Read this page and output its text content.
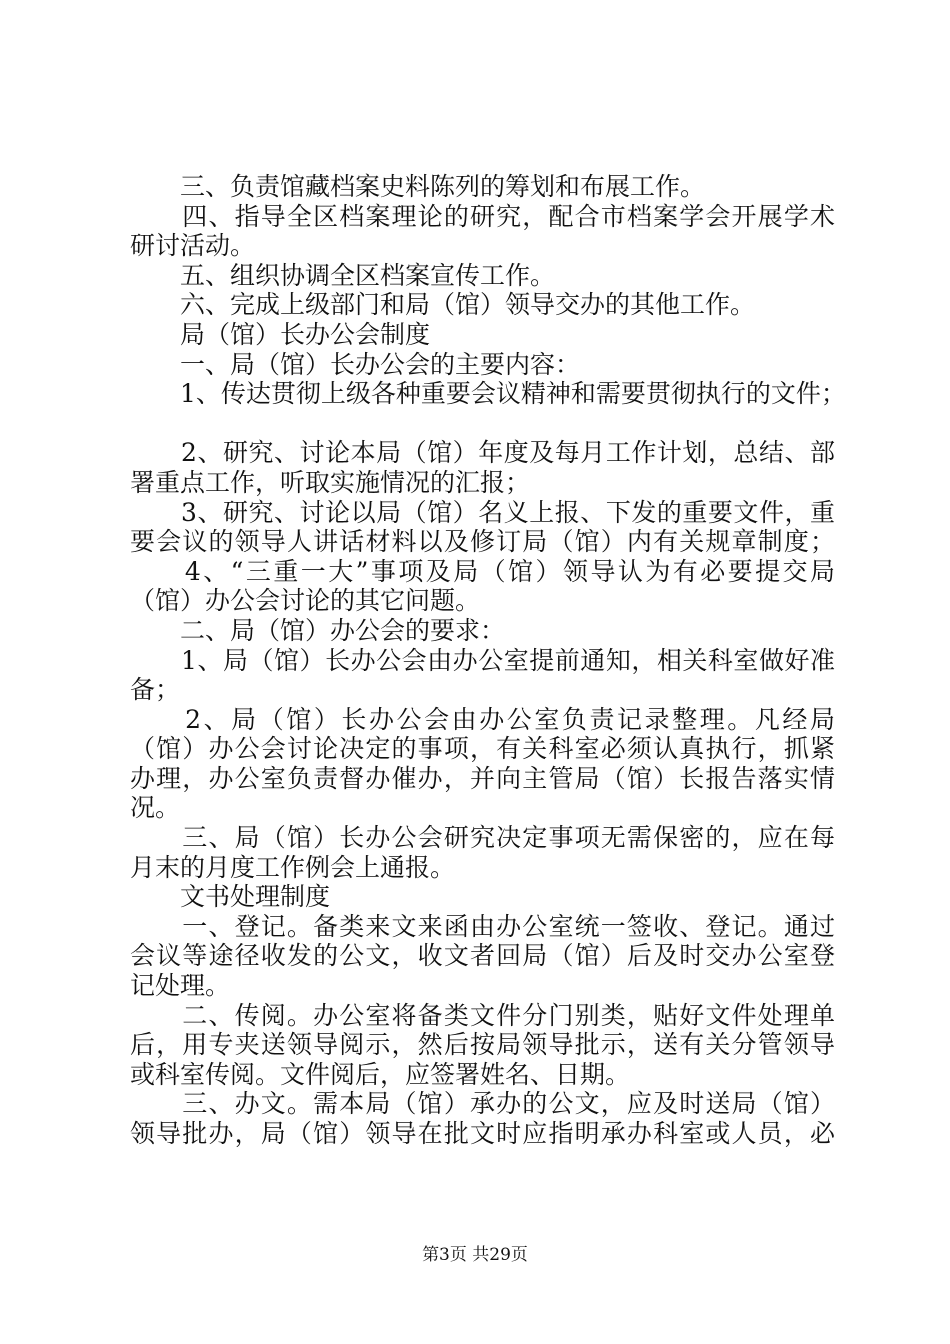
　　三、负责馆藏档案史料陈列的筹划和布展工作。
　　四、指导全区档案理论的研究，配合市档案学会开展学术
研讨活动。
　　五、组织协调全区档案宣传工作。
　　六、完成上级部门和局（馆）领导交办的其他工作。
　　局（馆）长办公会制度
　　一、局（馆）长办公会的主要内容：
　　1、传达贯彻上级各种重要会议精神和需要贯彻执行的文件；
　　2、研究、讨论本局（馆）年度及每月工作计划，总结、部
署重点工作，听取实施情况的汇报；
　　3、研究、讨论以局（馆）名义上报、下发的重要文件，重
要会议的领导人讲话材料以及修订局（馆）内有关规章制度；
　　4、“三重一大”事项及局（馆）领导认为有必要提交局
（馆）办公会讨论的其它问题。
　　二、局（馆）办公会的要求：
　　1、局（馆）长办公会由办公室提前通知，相关科室做好准
备；
　　2、局（馆）长办公会由办公室负责记录整理。凡经局
（馆）办公会讨论决定的事项，有关科室必须认真执行，抓紧
办理，办公室负责督办催办，并向主管局（馆）长报告落实情
况。
　　三、局（馆）长办公会研究决定事项无需保密的，应在每
月末的月度工作例会上通报。
　　文书处理制度
　　一、登记。备类来文来函由办公室统一签收、登记。通过
会议等途径收发的公文，收文者回局（馆）后及时交办公室登
记处理。
　　二、传阅。办公室将备类文件分门别类，贴好文件处理单
后，用专夹送领导阅示，然后按局领导批示，送有关分管领导
或科室传阅。文件阅后，应签署姓名、日期。
　　三、办文。需本局（馆）承办的公文，应及时送局（馆）
领导批办，局（馆）领导在批文时应指明承办科室或人员，必
第3页 共29页
